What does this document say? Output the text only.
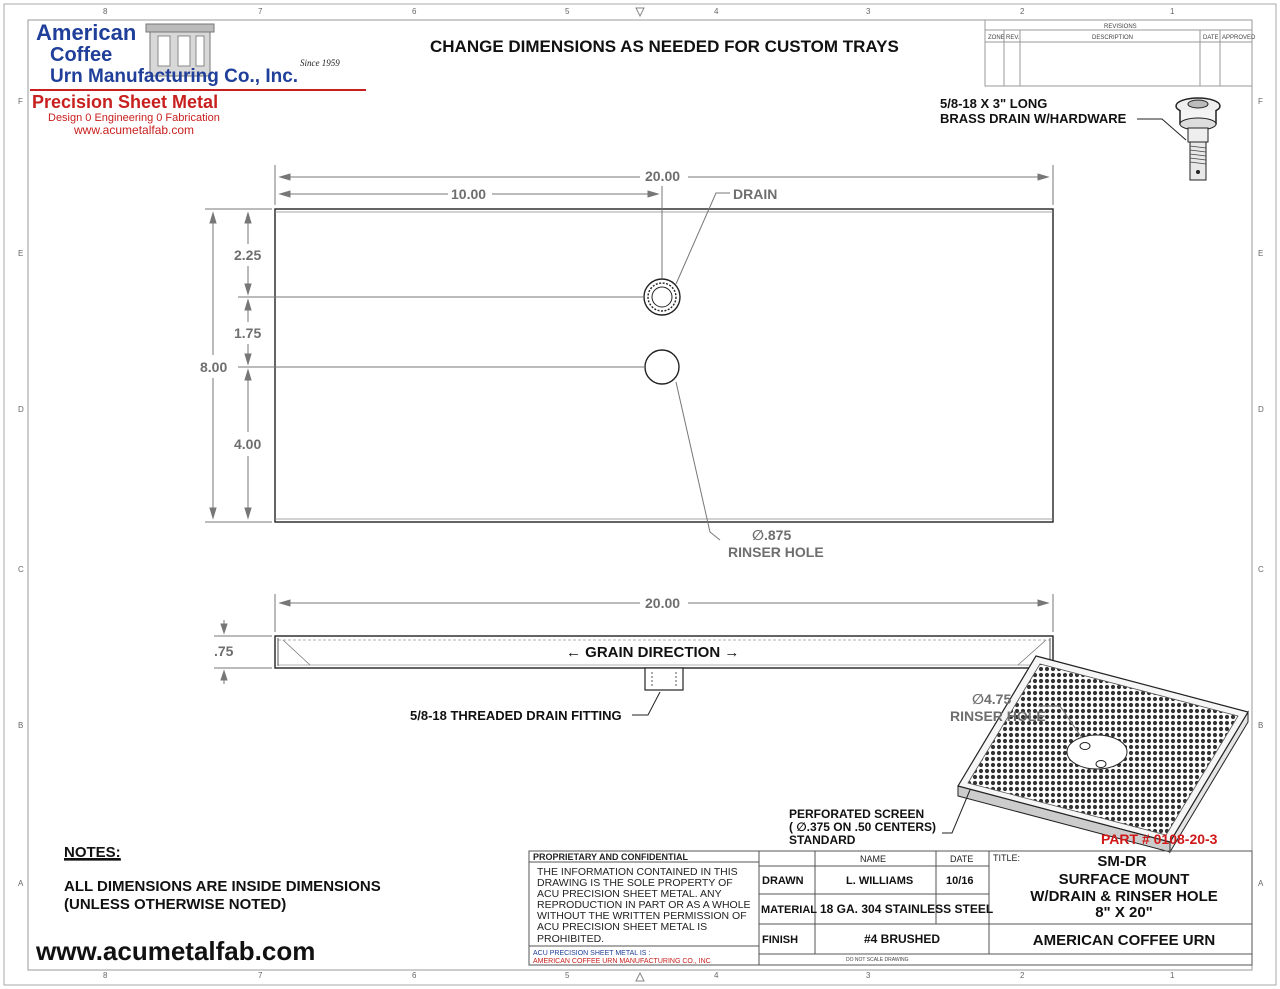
8	7	6	5	4	3	2	1
8	7	6	5	4	3	2	1
F
E
D
C
B
A
F
E
D
C
B
A
American
Coffee
Urn Manufacturing Co., Inc.
Since 1959
Precision Sheet Metal
Design 0 Engineering 0 Fabrication
www.acumetalfab.com
CHANGE DIMENSIONS AS NEEDED FOR CUSTOM TRAYS
REVISIONS
ZONE REV.	DESCRIPTION	DATE APPROVED
5/8-18 X 3" LONG
BRASS DRAIN W/HARDWARE
20.00
10.00	DRAIN
8.00
2.25
1.75
4.00
∅.875
RINSER HOLE
20.00
.75	← GRAIN DIRECTION →
5/8-18 THREADED DRAIN FITTING
∅4.75
RINSER HOLE
PERFORATED SCREEN
( ∅.375 ON .50 CENTERS)
STANDARD
NOTES:
ALL DIMENSIONS ARE INSIDE DIMENSIONS
(UNLESS OTHERWISE NOTED)
www.acumetalfab.com
PART # 0108-20-3
PROPRIETARY AND CONFIDENTIAL
THE INFORMATION CONTAINED IN THIS
DRAWING IS THE SOLE PROPERTY OF
ACU PRECISION SHEET METAL. ANY
REPRODUCTION IN PART OR AS A WHOLE
WITHOUT THE WRITTEN PERMISSION OF
ACU PRECISION SHEET METAL IS
PROHIBITED.
ACU PRECISION SHEET METAL IS :
AMERICAN COFFEE URN MANUFACTURING CO., INC
NAME	DATE
DRAWN	L. WILLIAMS	10/16
MATERIAL 18 GA. 304 STAINLESS STEEL
FINISH	#4 BRUSHED
TITLE:	SM-DR
SURFACE MOUNT
W/DRAIN & RINSER HOLE
8" X 20"
AMERICAN COFFEE URN
DO NOT SCALE DRAWING
